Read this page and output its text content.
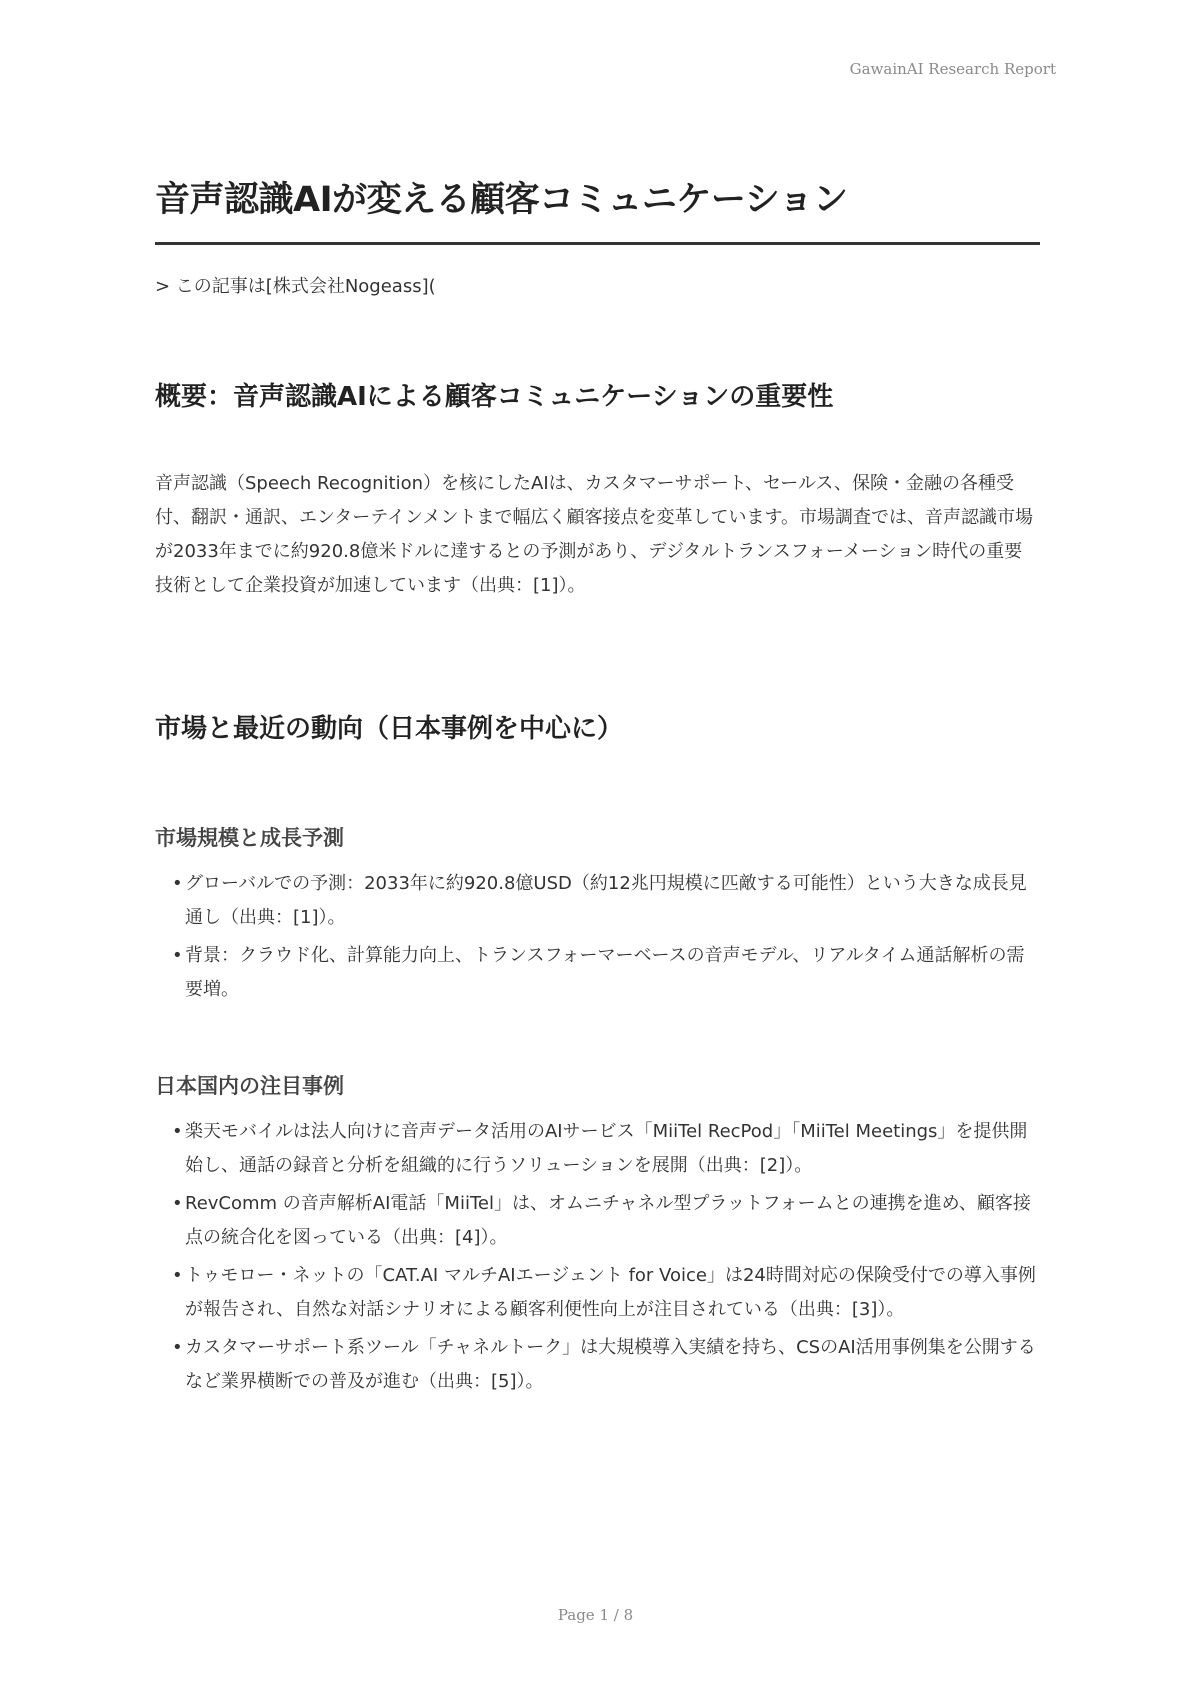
GawainAI Research Report
音声認識AIが変える顧客コミュニケーション
> この記事は[株式会社Nogeass](
概要：音声認識AIによる顧客コミュニケーションの重要性

音声認識（Speech Recognition）を核にしたAIは、カスタマーサポート、セールス、保険・金融の各種受付、翻訳・通訳、エンターテインメントまで幅広く顧客接点を変革しています。市場調査では、音声認識市場が2033年までに約920.8億米ドルに達するとの予測があり、デジタルトランスフォーメーション時代の重要技術として企業投資が加速しています（出典：[1]）。

市場と最近の動向（日本事例を中心に）
市場規模と成長予測
• グローバルでの予測：2033年に約920.8億USD（約12兆円規模に匹敵する可能性）という大きな成長見通し（出典：[1]）。
• 背景：クラウド化、計算能力向上、トランスフォーマーベースの音声モデル、リアルタイム通話解析の需要増。
日本国内の注目事例
• 楽天モバイルは法人向けに音声データ活用のAIサービス「MiiTel RecPod」「MiiTel Meetings」を提供開始し、通話の録音と分析を組織的に行うソリューションを展開（出典：[2]）。
• RevComm の音声解析AI電話「MiiTel」は、オムニチャネル型プラットフォームとの連携を進め、顧客接点の統合化を図っている（出典：[4]）。
• トゥモロー・ネットの「CAT.AI マルチAIエージェント for Voice」は24時間対応の保険受付での導入事例が報告され、自然な対話シナリオによる顧客利便性向上が注目されている（出典：[3]）。
• カスタマーサポート系ツール「チャネルトーク」は大規模導入実績を持ち、CSのAI活用事例集を公開するなど業界横断での普及が進む（出典：[5]）。
Page 1 / 8
